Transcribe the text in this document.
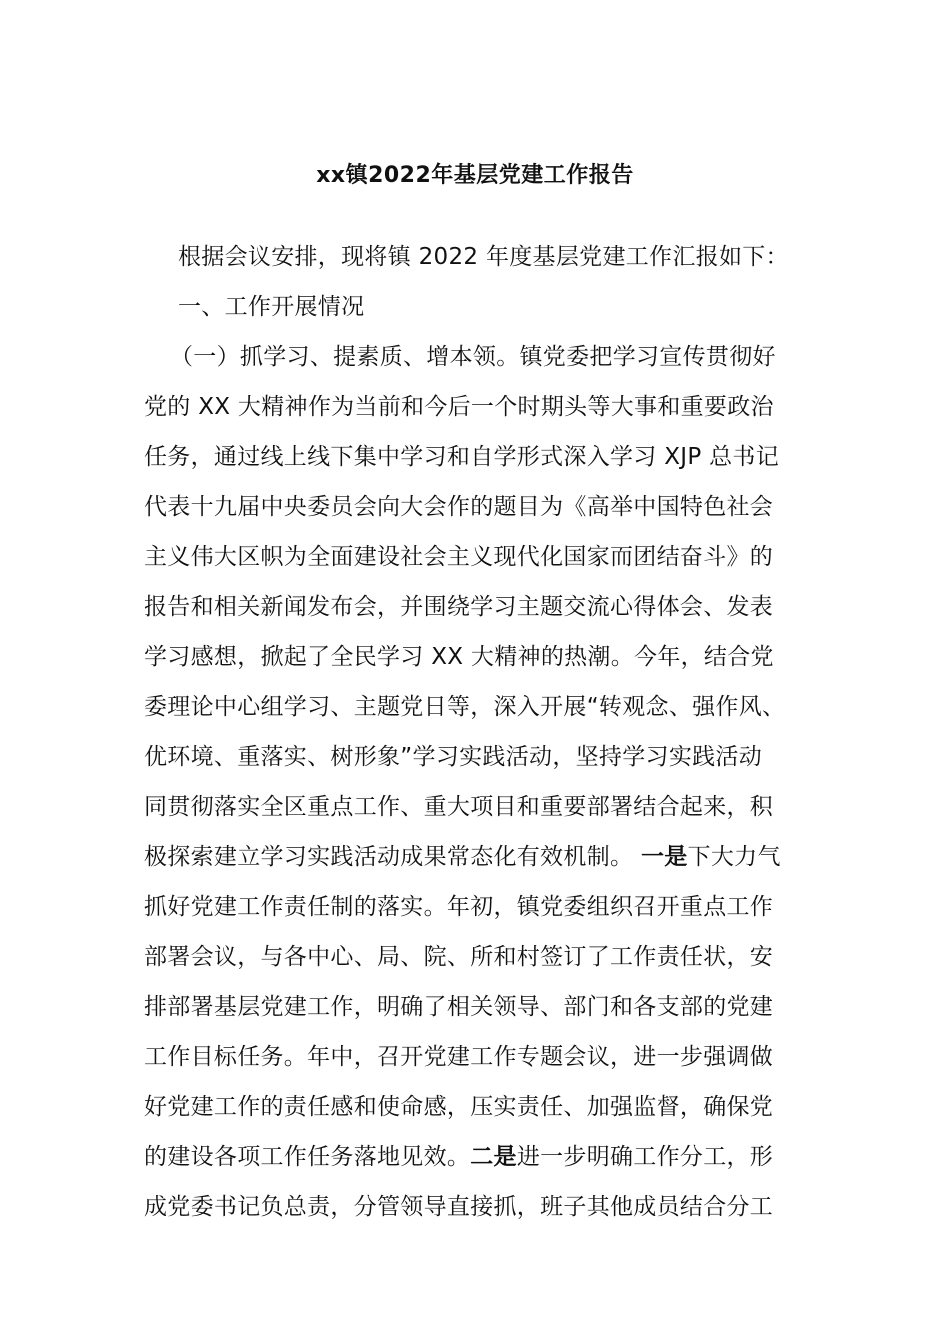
xx镇2022年基层党建工作报告
根据会议安排，现将镇 2022 年度基层党建工作汇报如下：
一、工作开展情况
（一）抓学习、提素质、增本领。镇党委把学习宣传贯彻好
党的 XX 大精神作为当前和今后一个时期头等大事和重要政治
任务，通过线上线下集中学习和自学形式深入学习 XJP 总书记
代表十九届中央委员会向大会作的题目为《高举中国特色社会
主义伟大区帜为全面建设社会主义现代化国家而团结奋斗》的
报告和相关新闻发布会，并围绕学习主题交流心得体会、发表
学习感想，掀起了全民学习 XX 大精神的热潮。今年，结合党
委理论中心组学习、主题党日等，深入开展“转观念、强作风、
优环境、重落实、树形象”学习实践活动，坚持学习实践活动
同贯彻落实全区重点工作、重大项目和重要部署结合起来，积
极探索建立学习实践活动成果常态化有效机制。 一是下大力气
抓好党建工作责任制的落实。年初，镇党委组织召开重点工作
部署会议，与各中心、局、院、所和村签订了工作责任状，安
排部署基层党建工作，明确了相关领导、部门和各支部的党建
工作目标任务。年中，召开党建工作专题会议，进一步强调做
好党建工作的责任感和使命感，压实责任、加强监督，确保党
的建设各项工作任务落地见效。二是进一步明确工作分工，形
成党委书记负总责，分管领导直接抓，班子其他成员结合分工
